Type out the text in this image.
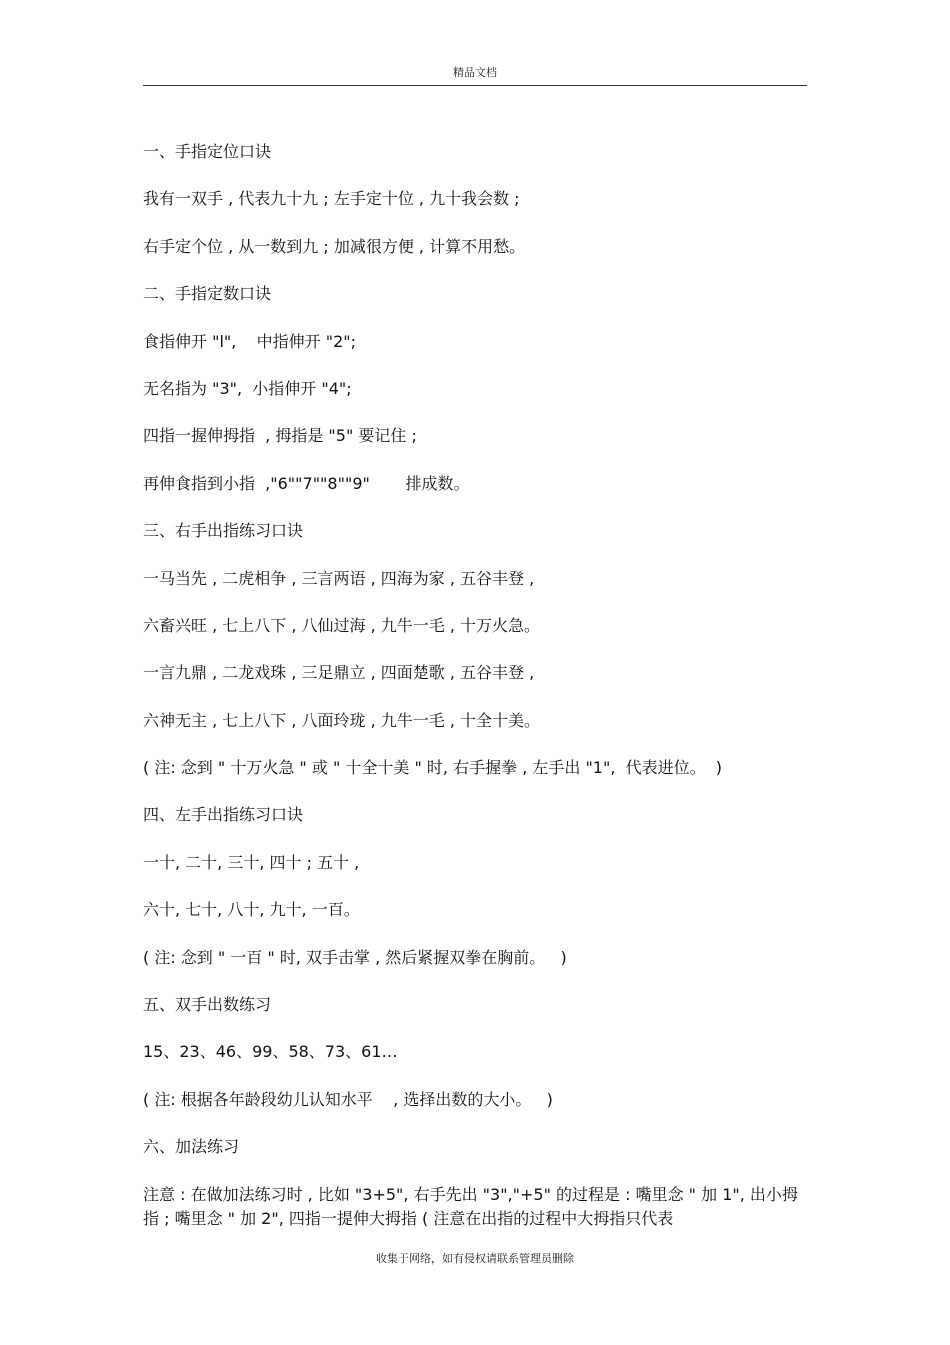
精品文档
一、手指定位口诀
我有一双手 , 代表九十九 ; 左手定十位 , 九十我会数 ;
右手定个位 , 从一数到九 ; 加减很方便 , 计算不用愁。
二、手指定数口诀
食指伸开 "l",    中指伸开 "2";
无名指为 "3",  小指伸开 "4";
四指一握伸拇指  , 拇指是 "5" 要记住 ;
再伸食指到小指  ,"6""7""8""9"       排成数。
三、右手出指练习口诀
一马当先 , 二虎相争 , 三言两语 , 四海为家 , 五谷丰登 ,
六畜兴旺 , 七上八下 , 八仙过海 , 九牛一毛 , 十万火急。
一言九鼎 , 二龙戏珠 , 三足鼎立 , 四面楚歌 , 五谷丰登 ,
六神无主 , 七上八下 , 八面玲珑 , 九牛一毛 , 十全十美。
( 注: 念到 " 十万火急 " 或 " 十全十美 " 时, 右手握拳 , 左手出 "1",  代表进位。  )
四、左手出指练习口诀
一十, 二十, 三十, 四十 ; 五十 ,
六十, 七十, 八十, 九十, 一百。
( 注: 念到 " 一百 " 时, 双手击掌 , 然后紧握双拳在胸前。   )
五、双手出数练习
15、23、46、99、58、73、61…
( 注: 根据各年龄段幼儿认知水平    , 选择出数的大小。   )
六、加法练习
注意 : 在做加法练习时 , 比如 "3+5", 右手先出 "3","+5" 的过程是 : 嘴里念 " 加 1", 出小拇指 ; 嘴里念 " 加 2", 四指一提伸大拇指 ( 注意在出指的过程中大拇指只代表
收集于网络，如有侵权请联系管理员删除
